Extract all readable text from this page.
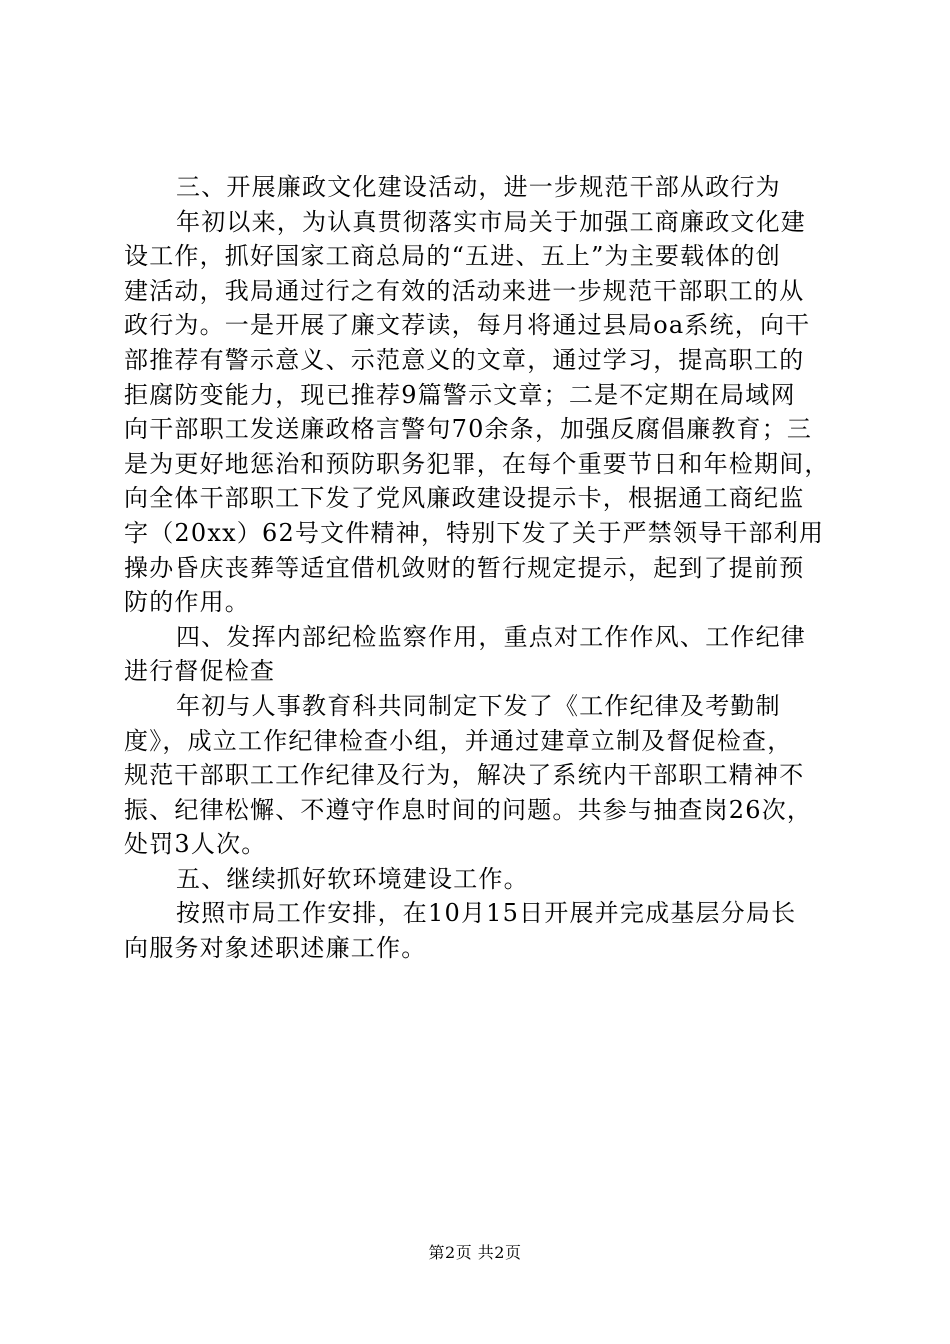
三、开展廉政文化建设活动，进一步规范干部从政行为
年初以来，为认真贯彻落实市局关于加强工商廉政文化建
设工作，抓好国家工商总局的“五进、五上”为主要载体的创
建活动，我局通过行之有效的活动来进一步规范干部职工的从
政行为。一是开展了廉文荐读，每月将通过县局oa系统，向干
部推荐有警示意义、示范意义的文章，通过学习，提高职工的
拒腐防变能力，现已推荐9篇警示文章；二是不定期在局域网
向干部职工发送廉政格言警句70余条，加强反腐倡廉教育；三
是为更好地惩治和预防职务犯罪，在每个重要节日和年检期间，
向全体干部职工下发了党风廉政建设提示卡，根据通工商纪监
字（20xx）62号文件精神，特别下发了关于严禁领导干部利用
操办昏庆丧葬等适宜借机敛财的暂行规定提示，起到了提前预
防的作用。
四、发挥内部纪检监察作用，重点对工作作风、工作纪律
进行督促检查
年初与人事教育科共同制定下发了《工作纪律及考勤制
度》，成立工作纪律检查小组，并通过建章立制及督促检查，
规范干部职工工作纪律及行为，解决了系统内干部职工精神不
振、纪律松懈、不遵守作息时间的问题。共参与抽查岗26次，
处罚3人次。
五、继续抓好软环境建设工作。
按照市局工作安排，在10月15日开展并完成基层分局长
向服务对象述职述廉工作。
第2页 共2页
